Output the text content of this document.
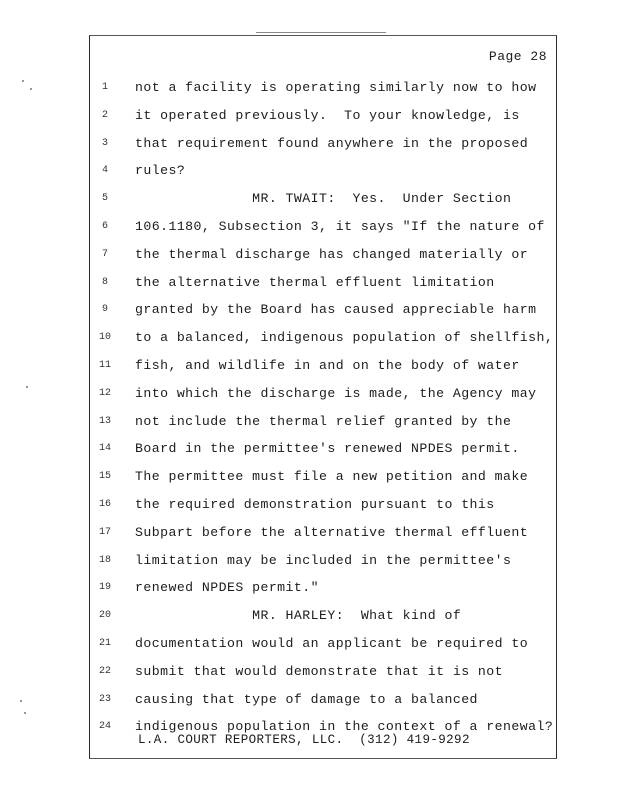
Page 28
1	not a facility is operating similarly now to how
2	it operated previously.  To your knowledge, is
3	that requirement found anywhere in the proposed
4	rules?
5	MR. TWAIT:  Yes.  Under Section
6	106.1180, Subsection 3, it says "If the nature of
7	the thermal discharge has changed materially or
8	the alternative thermal effluent limitation
9	granted by the Board has caused appreciable harm
10 to a balanced, indigenous population of shellfish,
11 fish, and wildlife in and on the body of water
12 into which the discharge is made, the Agency may
13 not include the thermal relief granted by the
14 Board in the permittee's renewed NPDES permit.
15 The permittee must file a new petition and make
16 the required demonstration pursuant to this
17 Subpart before the alternative thermal effluent
18 limitation may be included in the permittee's
19 renewed NPDES permit."
20 MR. HARLEY:  What kind of
21 documentation would an applicant be required to
22 submit that would demonstrate that it is not
23 causing that type of damage to a balanced
24 indigenous population in the context of a renewal?
L.A. COURT REPORTERS, LLC.  (312) 419-9292
